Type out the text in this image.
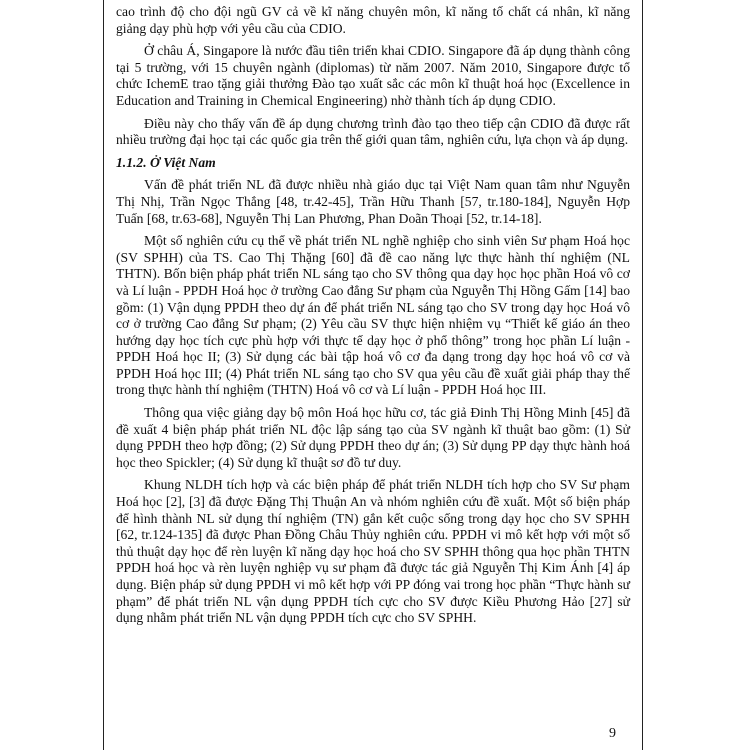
cao trình độ cho đội ngũ GV cả về kĩ năng chuyên môn, kĩ năng tố chất cá nhân, kĩ năng giảng dạy phù hợp với yêu cầu của CDIO.

Ở châu Á, Singapore là nước đầu tiên triển khai CDIO. Singapore đã áp dụng thành công tại 5 trường, với 15 chuyên ngành (diplomas) từ năm 2007. Năm 2010, Singapore được tổ chức IchemE trao tặng giải thưởng Đào tạo xuất sắc các môn kĩ thuật hoá học (Excellence in Education and Training in Chemical Engineering) nhờ thành tích áp dụng CDIO.

Điều này cho thấy vấn đề áp dụng chương trình đào tạo theo tiếp cận CDIO đã được rất nhiều trường đại học tại các quốc gia trên thế giới quan tâm, nghiên cứu, lựa chọn và áp dụng.

1.1.2. Ở Việt Nam

Vấn đề phát triển NL đã được nhiều nhà giáo dục tại Việt Nam quan tâm như Nguyễn Thị Nhị, Trần Ngọc Thắng [48, tr.42-45], Trần Hữu Thanh [57, tr.180-184], Nguyễn Hợp Tuấn [68, tr.63-68], Nguyễn Thị Lan Phương, Phan Doãn Thoại [52, tr.14-18].

Một số nghiên cứu cụ thể về phát triển NL nghề nghiệp cho sinh viên Sư phạm Hoá học (SV SPHH) của TS. Cao Thị Thặng [60] đã đề cao năng lực thực hành thí nghiệm (NL THTN). Bốn biện pháp phát triển NL sáng tạo cho SV thông qua dạy học học phần Hoá vô cơ và Lí luận - PPDH Hoá học ở trường Cao đẳng Sư phạm của Nguyễn Thị Hồng Gấm [14] bao gồm: (1) Vận dụng PPDH theo dự án để phát triển NL sáng tạo cho SV trong dạy học Hoá vô cơ ở trường Cao đẳng Sư phạm; (2) Yêu cầu SV thực hiện nhiệm vụ “Thiết kế giáo án theo hướng dạy học tích cực phù hợp với thực tế dạy học ở phổ thông” trong học phần Lí luận - PPDH Hoá học II; (3) Sử dụng các bài tập hoá vô cơ đa dạng trong dạy học hoá vô cơ và PPDH Hoá học III; (4) Phát triển NL sáng tạo cho SV qua yêu cầu đề xuất giải pháp thay thế trong thực hành thí nghiệm (THTN) Hoá vô cơ và Lí luận - PPDH Hoá học III.

Thông qua việc giảng dạy bộ môn Hoá học hữu cơ, tác giả Đinh Thị Hồng Minh [45] đã đề xuất 4 biện pháp phát triển NL độc lập sáng tạo của SV ngành kĩ thuật bao gồm: (1) Sử dụng PPDH theo hợp đồng; (2) Sử dụng PPDH theo dự án; (3) Sử dụng PP dạy thực hành hoá học theo Spickler; (4) Sử dụng kĩ thuật sơ đồ tư duy.

Khung NLDH tích hợp và các biện pháp để phát triển NLDH tích hợp cho SV Sư phạm Hoá học [2], [3] đã được Đặng Thị Thuận An và nhóm nghiên cứu đề xuất. Một số biện pháp để hình thành NL sử dụng thí nghiệm (TN) gắn kết cuộc sống trong dạy học cho SV SPHH [62, tr.124-135] đã được Phan Đồng Châu Thủy nghiên cứu. PPDH vi mô kết hợp với một số thủ thuật dạy học để rèn luyện kĩ năng dạy học hoá cho SV SPHH thông qua học phần THTN PPDH hoá học và rèn luyện nghiệp vụ sư phạm đã được tác giả Nguyễn Thị Kim Ánh [4] áp dụng. Biện pháp sử dụng PPDH vi mô kết hợp với PP đóng vai trong học phần “Thực hành sư phạm” để phát triển NL vận dụng PPDH tích cực cho SV được Kiều Phương Hảo [27] sử dụng nhằm phát triển NL vận dụng PPDH tích cực cho SV SPHH.

9
